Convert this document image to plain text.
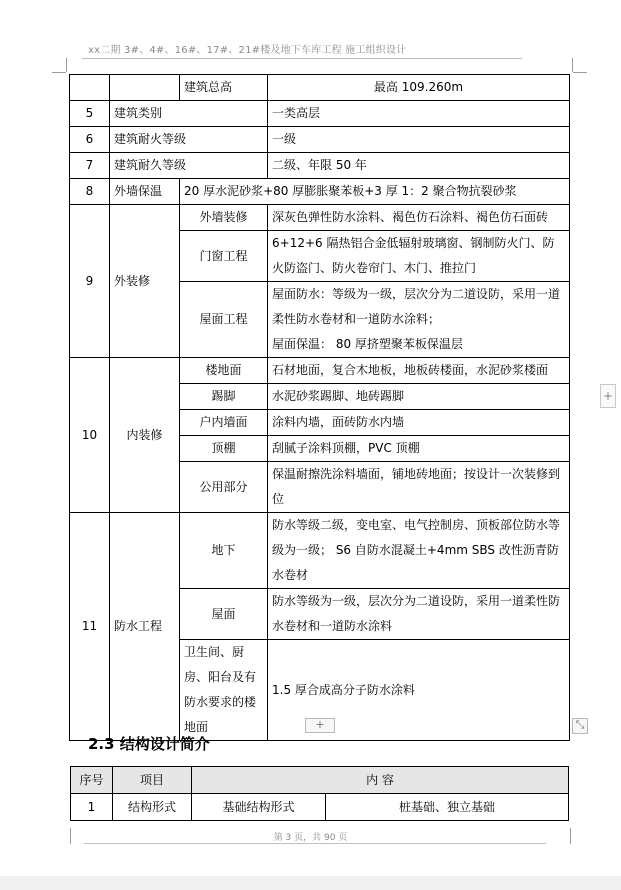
xx二期 3#、4#、16#、17#、21#楼及地下车库工程 施工组织设计
		建筑总高	最高 109.260m
5	建筑类别		一类高层
6	建筑耐火等级		一级
7	建筑耐久等级		二级、年限 50 年
8	外墙保温	20 厚水泥砂浆+80 厚膨胀聚苯板+3 厚 1：2 聚合物抗裂砂浆	
9	外装修	外墙装修	深灰色弹性防水涂料、褐色仿石涂料、褐色仿石面砖
		门窗工程	6+12+6 隔热铝合金低辐射玻璃窗、钢制防火门、防火防盗门、防火卷帘门、木门、推拉门
		屋面工程	屋面防水：等级为一级，层次分为二道设防，采用一道柔性防水卷材和一道防水涂料；
屋面保温： 80 厚挤塑聚苯板保温层
10	内装修	楼地面	石材地面，复合木地板，地板砖楼面，水泥砂浆楼面
		踢脚	水泥砂浆踢脚、地砖踢脚
		户内墙面	涂料内墙，面砖防水内墙
		顶棚	刮腻子涂料顶棚，PVC 顶棚
		公用部分	保温耐擦洗涂料墙面，铺地砖地面；按设计一次装修到位
11	防水工程	地下	防水等级二级，变电室、电气控制房、顶板部位防水等级为一级； S6 自防水混凝土+4mm SBS 改性沥青防水卷材
		屋面	防水等级为一级，层次分为二道设防，采用一道柔性防水卷材和一道防水涂料
		卫生间、厨房、阳台及有防水要求的楼地面	1.5 厚合成高分子防水涂料
+	⤡
+
2.3 结构设计简介
序号	项目	内 容	
1	结构形式	基础结构形式	桩基础、独立基础
第 3 页，共 90 页
